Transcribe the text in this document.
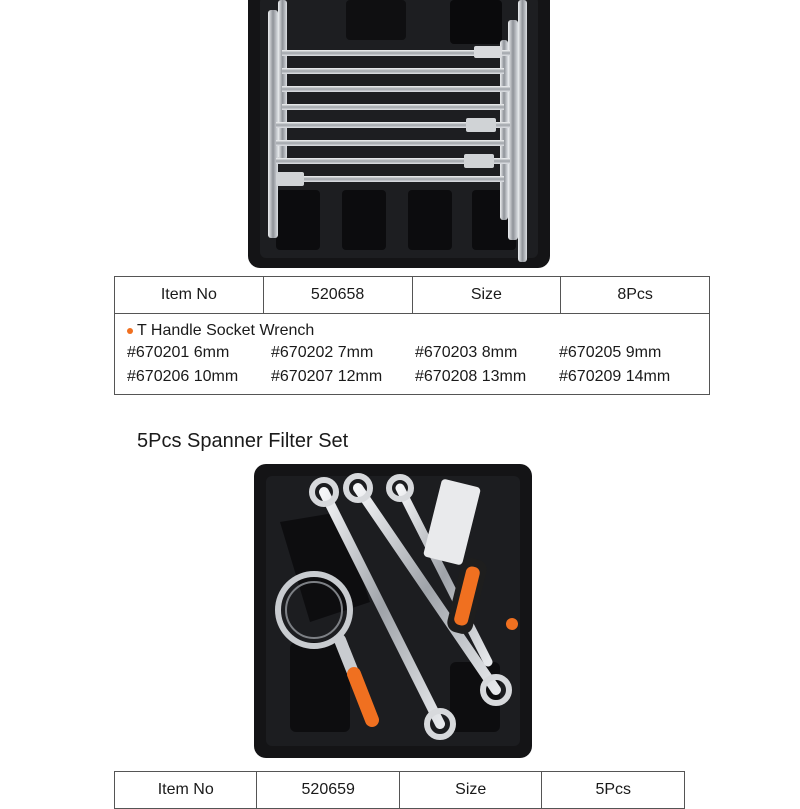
Item No	520658	Size	8Pcs

T Handle Socket Wrench
#670201 6mm	#670202 7mm	#670203 8mm	#670205 9mm
#670206 10mm	#670207 12mm	#670208 13mm	#670209 14mm
5Pcs Spanner Filter Set
Item No	520659	Size	5Pcs
